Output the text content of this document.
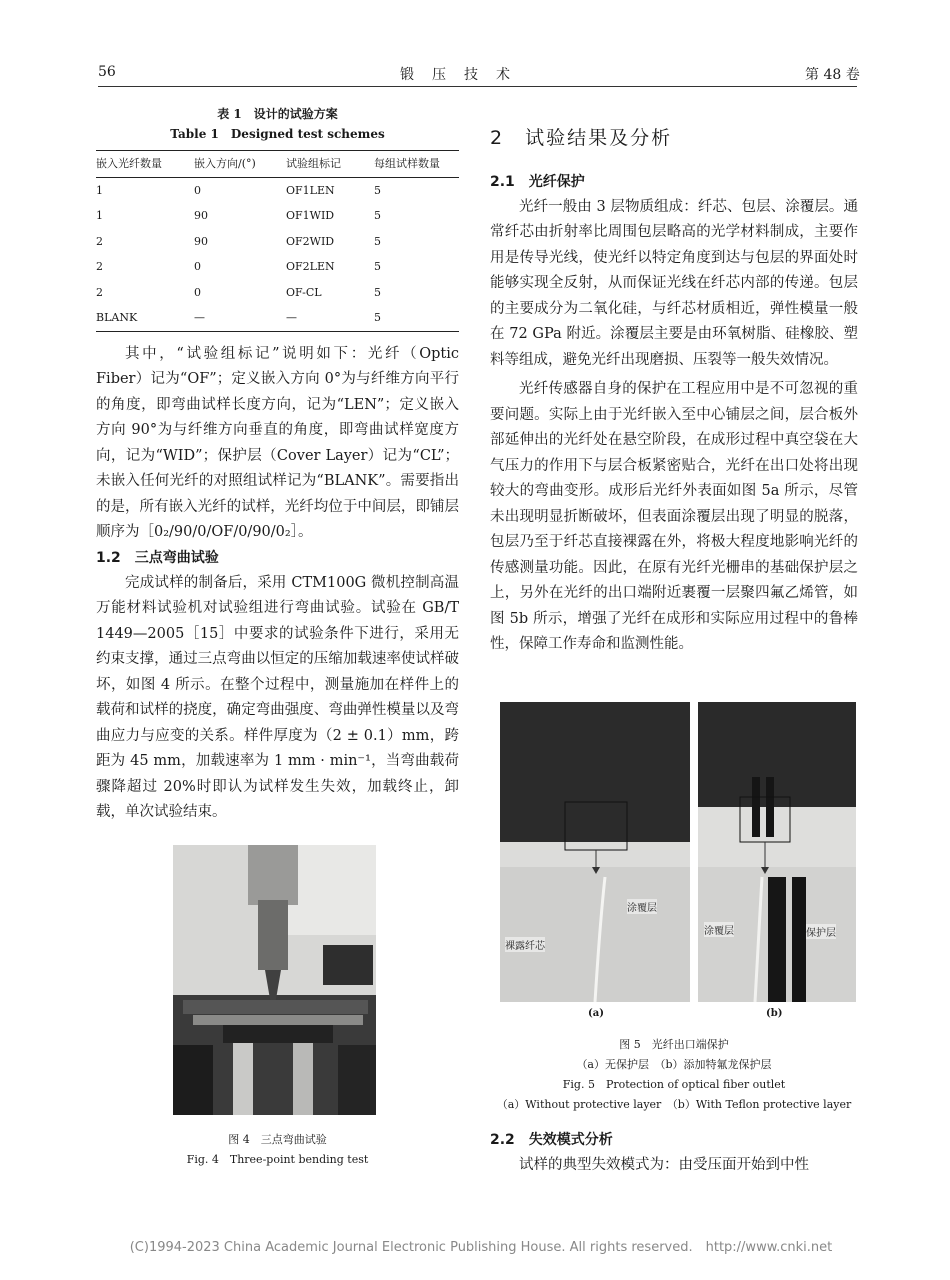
56	锻　压　技　术	第 48 卷
表 1　设计的试验方案
Table 1　Designed test schemes
嵌入光纤数量	嵌入方向/(°)	试验组标记	每组试样数量
1	0	OF1LEN	5
1	90	OF1WID	5
2	90	OF2WID	5
2	0	OF2LEN	5
2	0	OF-CL	5
BLANK	—	—	5

其中，“试验组标记”说明如下：光纤（Optic Fiber）记为“OF”；定义嵌入方向 0°为与纤维方向平行的角度，即弯曲试样长度方向，记为“LEN”；定义嵌入方向 90°为与纤维方向垂直的角度，即弯曲试样宽度方向，记为“WID”；保护层（Cover Layer）记为“CL”；未嵌入任何光纤的对照组试样记为“BLANK”。需要指出的是，所有嵌入光纤的试样，光纤均位于中间层，即铺层顺序为［0₂/90/0/OF/0/90/0₂］。

1.2　三点弯曲试验

完成试样的制备后，采用 CTM100G 微机控制高温万能材料试验机对试验组进行弯曲试验。试验在 GB/T 1449—2005［15］中要求的试验条件下进行，采用无约束支撑，通过三点弯曲以恒定的压缩加载速率使试样破坏，如图 4 所示。在整个过程中，测量施加在样件上的载荷和试样的挠度，确定弯曲强度、弯曲弹性模量以及弯曲应力与应变的关系。样件厚度为（2 ± 0.1）mm，跨距为 45 mm，加载速率为 1 mm · min⁻¹，当弯曲载荷骤降超过 20%时即认为试样发生失效，加载终止，卸载，单次试验结束。

图 4　三点弯曲试验
Fig. 4　Three-point bending test
2　试验结果及分析
2.1　光纤保护

光纤一般由 3 层物质组成：纤芯、包层、涂覆层。通常纤芯由折射率比周围包层略高的光学材料制成，主要作用是传导光线，使光纤以特定角度到达与包层的界面处时能够实现全反射，从而保证光线在纤芯内部的传递。包层的主要成分为二氧化硅，与纤芯材质相近，弹性模量一般在 72 GPa 附近。涂覆层主要是由环氧树脂、硅橡胶、塑料等组成，避免光纤出现磨损、压裂等一般失效情况。

光纤传感器自身的保护在工程应用中是不可忽视的重要问题。实际上由于光纤嵌入至中心铺层之间，层合板外部延伸出的光纤处在悬空阶段，在成形过程中真空袋在大气压力的作用下与层合板紧密贴合，光纤在出口处将出现较大的弯曲变形。成形后光纤外表面如图 5a 所示，尽管未出现明显折断破坏，但表面涂覆层出现了明显的脱落，包层乃至于纤芯直接裸露在外，将极大程度地影响光纤的传感测量功能。因此，在原有光纤光栅串的基础保护层之上，另外在光纤的出口端附近裹覆一层聚四氟乙烯管，如图 5b 所示，增强了光纤在成形和实际应用过程中的鲁棒性，保障工作寿命和监测性能。

涂覆层
裸露纤芯
涂覆层	保护层
(a)	(b)
图 5　光纤出口端保护
（a）无保护层　（b）添加特氟龙保护层
Fig. 5　Protection of optical fiber outlet
（a）Without protective layer　（b）With Teflon protective layer
2.2　失效模式分析

试样的典型失效模式为：由受压面开始到中性

(C)1994-2023 China Academic Journal Electronic Publishing House. All rights reserved.　http://www.cnki.net
